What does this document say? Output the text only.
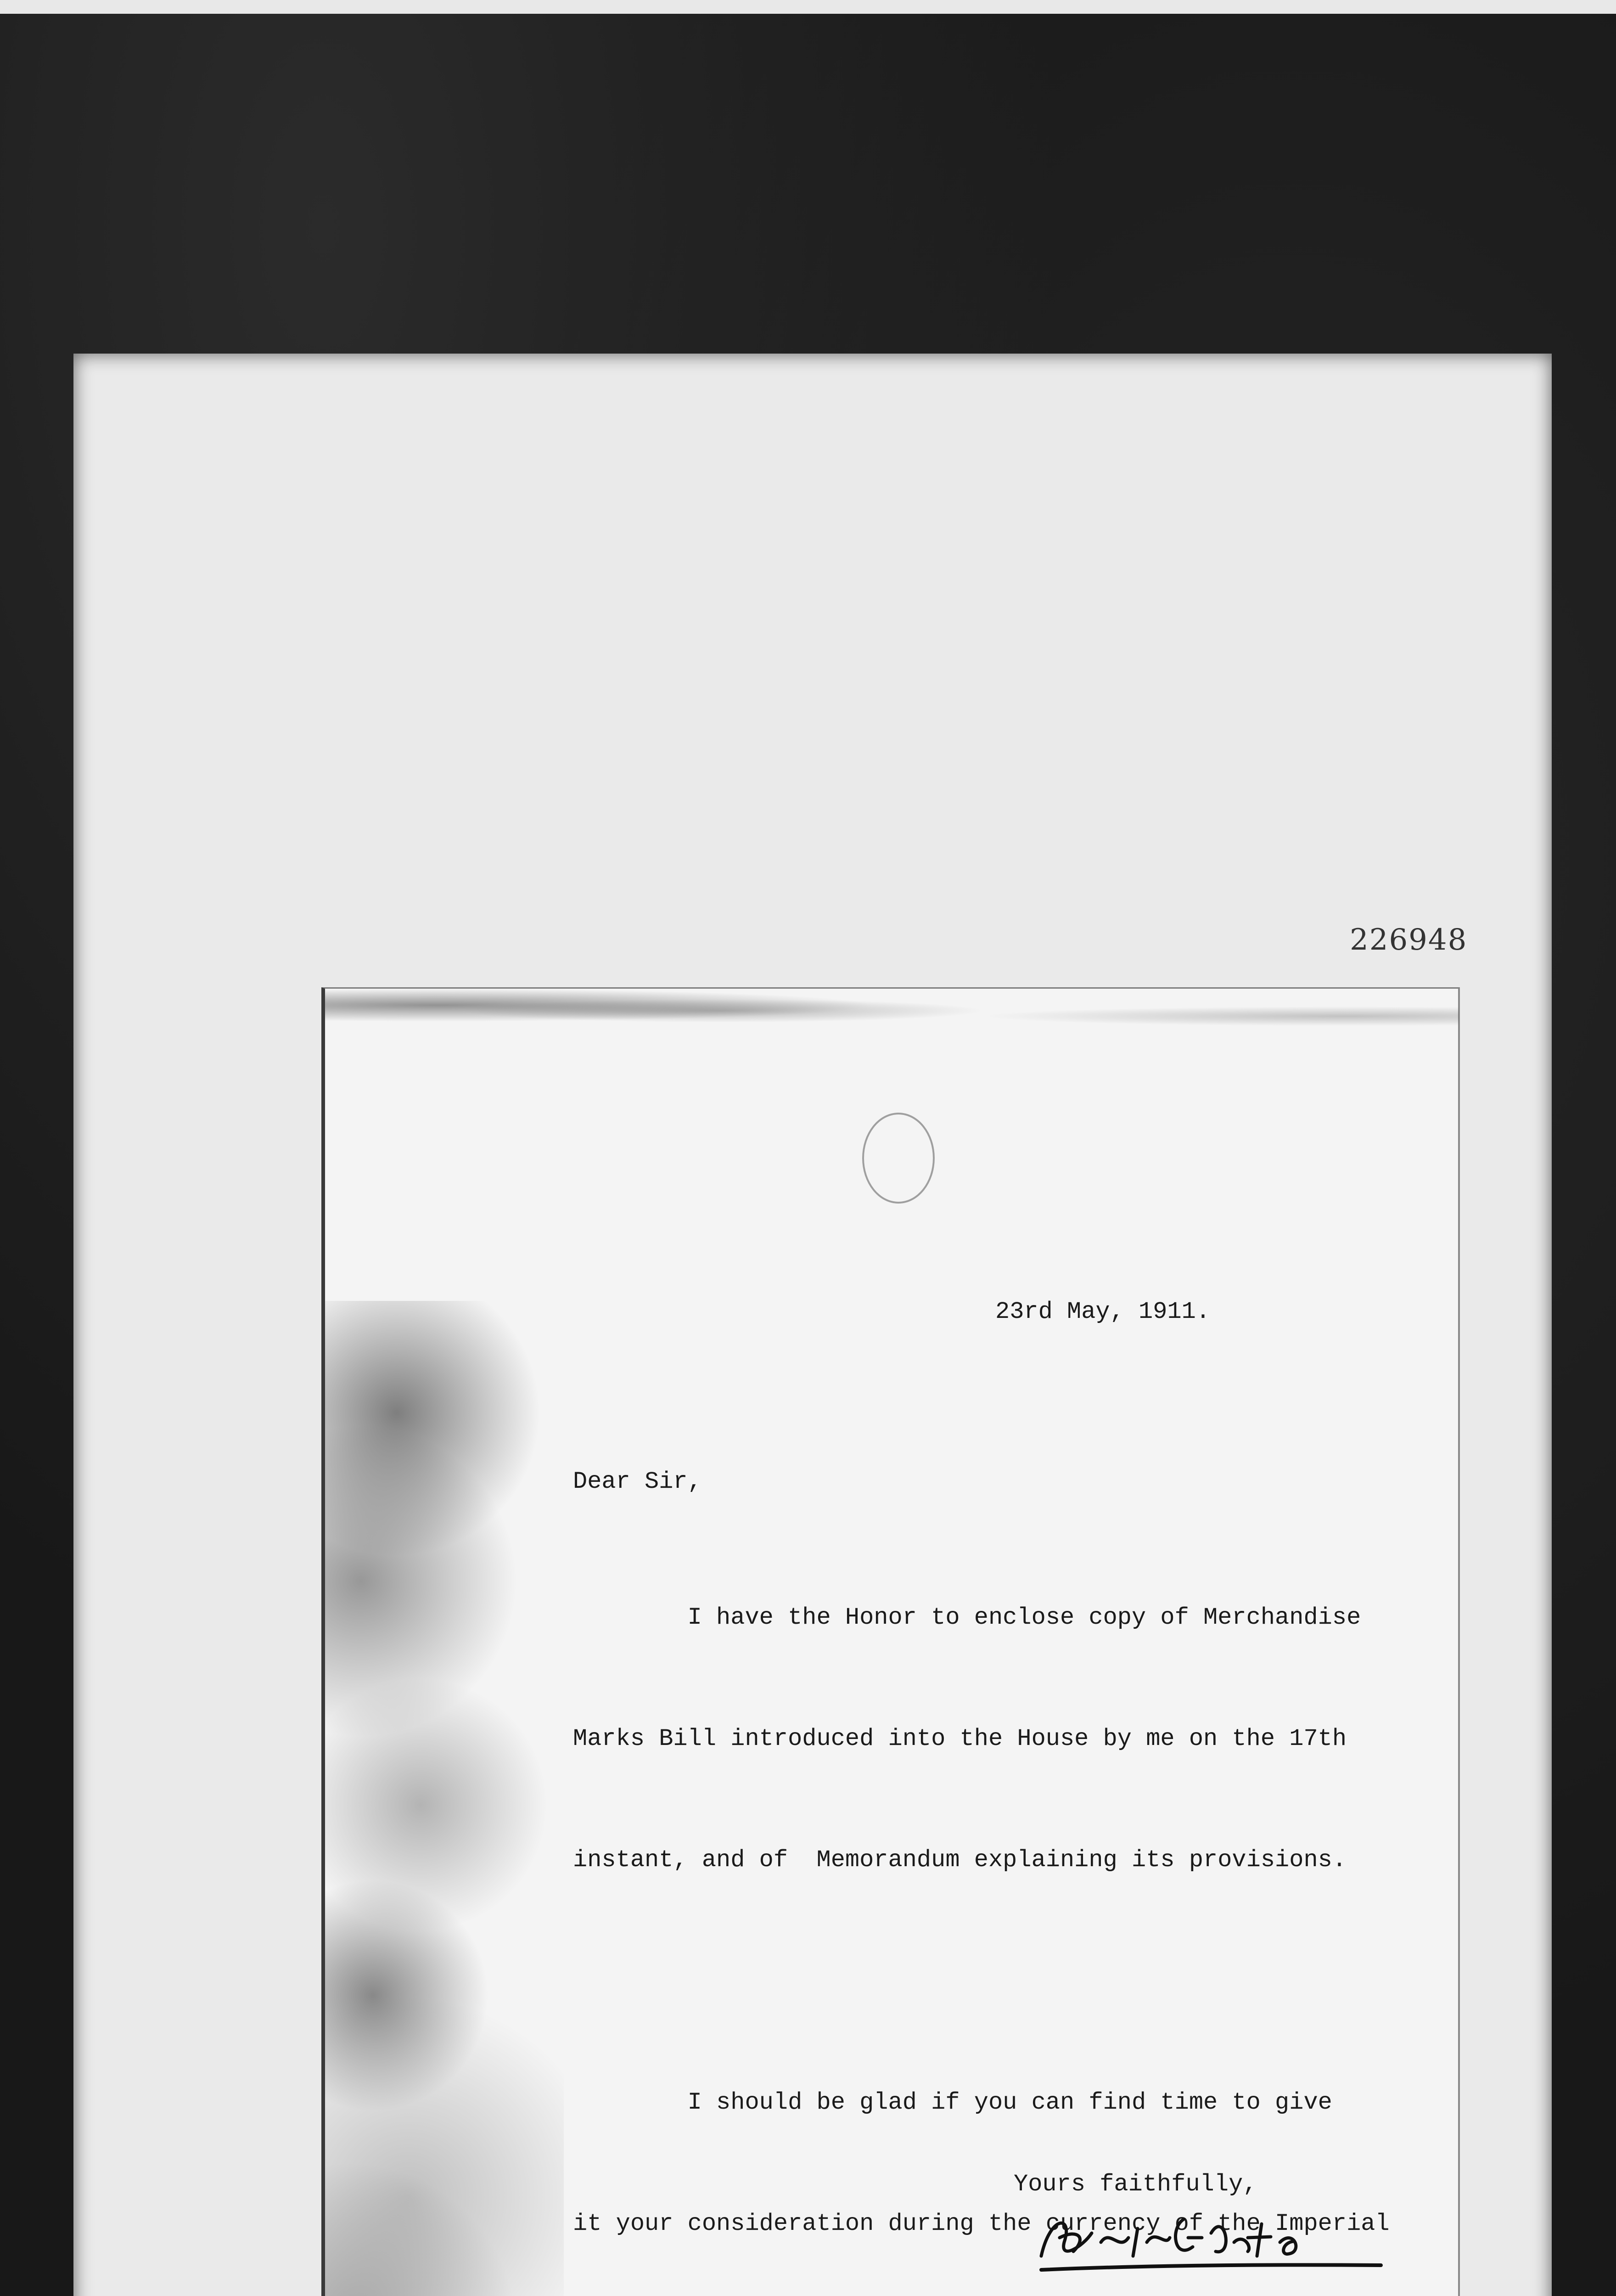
226948
23rd May, 1911.
Dear Sir,

I have the Honor to enclose copy of Merchandise

Marks Bill introduced into the House by me on the 17th

instant, and of  Memorandum explaining its provisions.

I should be glad if you can find time to give

it your consideration during the currency of the Imperial

Yours faithfully,
Basil E. Peto
